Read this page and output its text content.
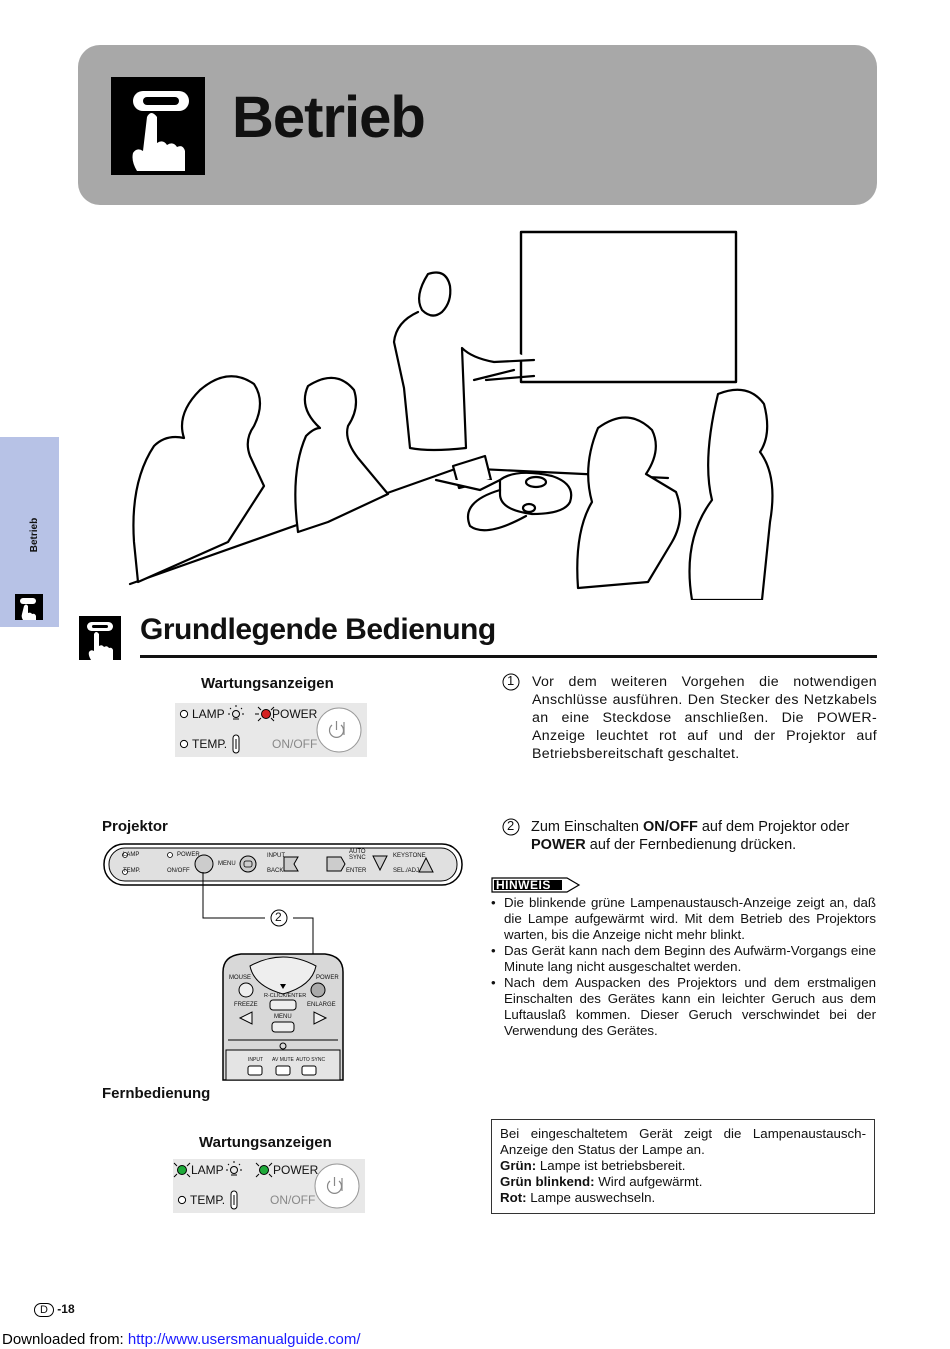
Betrieb
Betrieb
Grundlegende Bedienung
Wartungsanzeigen
LAMP	POWER
TEMP.	ON/OFF
1 Vor dem weiteren Vorgehen die notwendigen Anschlüsse ausführen. Den Stecker des Netzkabels an eine Steckdose anschließen. Die POWER-Anzeige leuchtet rot auf und der Projektor auf Betriebsbereitschaft geschaltet.
Projektor
LAMP	POWER
TEMP.	ON/OFF
MENU
INPUT
BACK
AUTO
SYNC
ENTER
KEYSTONE
SEL./ADJ.
2
MOUSE	POWER
R-CLICK/ENTER
FREEZE	ENLARGE
MENU
INPUT AV MUTE AUTO SYNC
Fernbedienung
2 Zum Einschalten ON/OFF auf dem Projektor oder POWER auf der Fernbedienung drücken.
HINWEIS
• Die blinkende grüne Lampenaustausch-Anzeige zeigt an, daß die Lampe aufgewärmt wird. Mit dem Betrieb des Projektors warten, bis die Anzeige nicht mehr blinkt.
• Das Gerät kann nach dem Beginn des Aufwärm-Vorgangs eine Minute lang nicht ausgeschaltet werden.
• Nach dem Auspacken des Projektors und dem erstmaligen Einschalten des Gerätes kann ein leichter Geruch aus dem Luftauslaß kommen. Dieser Geruch verschwindet bei der Verwendung des Gerätes.
Wartungsanzeigen
LAMP	POWER
TEMP.	ON/OFF
Bei eingeschaltetem Gerät zeigt die Lampenaustausch-Anzeige den Status der Lampe an.
Grün: Lampe ist betriebsbereit.
Grün blinkend: Wird aufgewärmt.
Rot: Lampe auswechseln.
D -18
Downloaded from: http://www.usersmanualguide.com/
